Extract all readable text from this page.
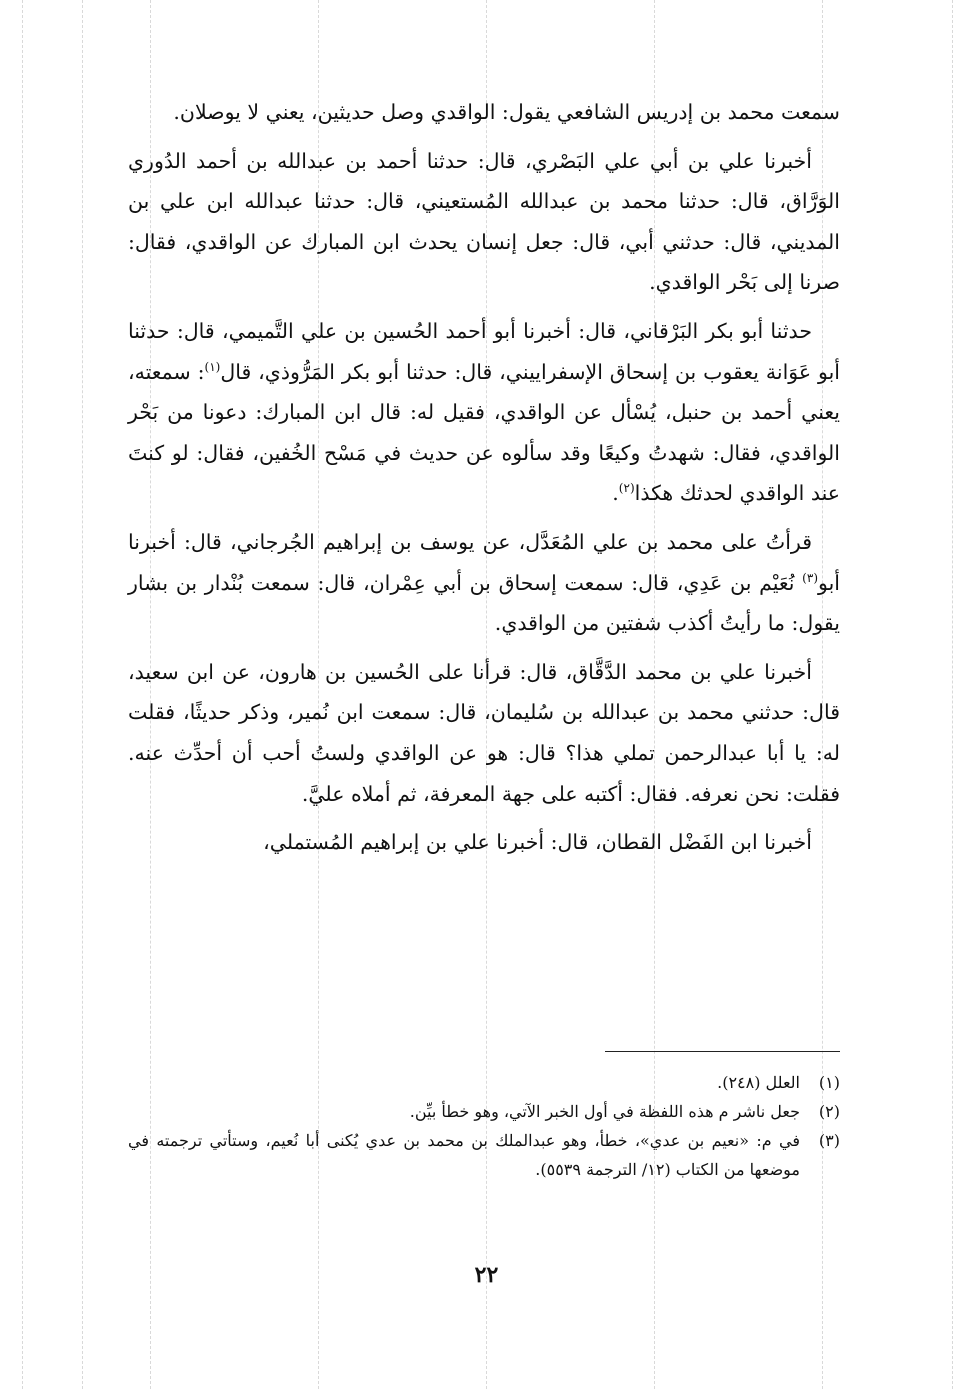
سمعت محمد بن إدريس الشافعي يقول: الواقدي وصل حديثين، يعني لا يوصلان.

أخبرنا علي بن أبي علي البَصْري، قال: حدثنا أحمد بن عبدالله بن أحمد الدُوري الوَرَّاق، قال: حدثنا محمد بن عبدالله المُستعيني، قال: حدثنا عبدالله ابن علي بن المديني، قال: حدثني أبي، قال: جعل إنسان يحدث ابن المبارك عن الواقدي، فقال: صرنا إلى بَحْر الواقدي.

حدثنا أبو بكر البَرْقاني، قال: أخبرنا أبو أحمد الحُسين بن علي التَّميمي، قال: حدثنا أبو عَوَانة يعقوب بن إسحاق الإسفراييني، قال: حدثنا أبو بكر المَرُّوذي، قال$^{(١)}$: سمعته، يعني أحمد بن حنبل، يُسْأل عن الواقدي، فقيل له: قال ابن المبارك: دعونا من بَحْر الواقدي، فقال: شهدتُ وكيعًا وقد سألوه عن حديث في مَسْح الخُفين، فقال: لو كنتَ عند الواقدي لحدثك هكذا$^{(٢)}$.

قرأتُ على محمد بن علي المُعَدَّل، عن يوسف بن إبراهيم الجُرجاني، قال: أخبرنا أبو$^{(٣)}$ نُعَيْم بن عَدِي، قال: سمعت إسحاق بن أبي عِمْران، قال: سمعت بُنْدار بن بشار يقول: ما رأيتُ أكذب شفتين من الواقدي.

أخبرنا علي بن محمد الدَّقَّاق، قال: قرأنا على الحُسين بن هارون، عن ابن سعيد، قال: حدثني محمد بن عبدالله بن سُليمان، قال: سمعت ابن نُمير، وذكر حديثًا، فقلت له: يا أبا عبدالرحمن تملي هذا؟ قال: هو عن الواقدي ولستُ أحب أن أحدِّث عنه. فقلت: نحن نعرفه. فقال: أكتبه على جهة المعرفة، ثم أملاه عليَّ.

أخبرنا ابن الفَضْل القطان، قال: أخبرنا علي بن إبراهيم المُستملي،

(١)
العلل (٢٤٨).

(٢)
جعل ناشر م هذه اللفظة في أول الخبر الآتي، وهو خطأ بيِّن.

(٣)
في م: «نعيم بن عدي»، خطأ، وهو عبدالملك بن محمد بن عدي يُكنى أبا نُعيم، وستأتي ترجمته في موضعها من الكتاب (١٢/ الترجمة ٥٥٣٩).

٢٢
